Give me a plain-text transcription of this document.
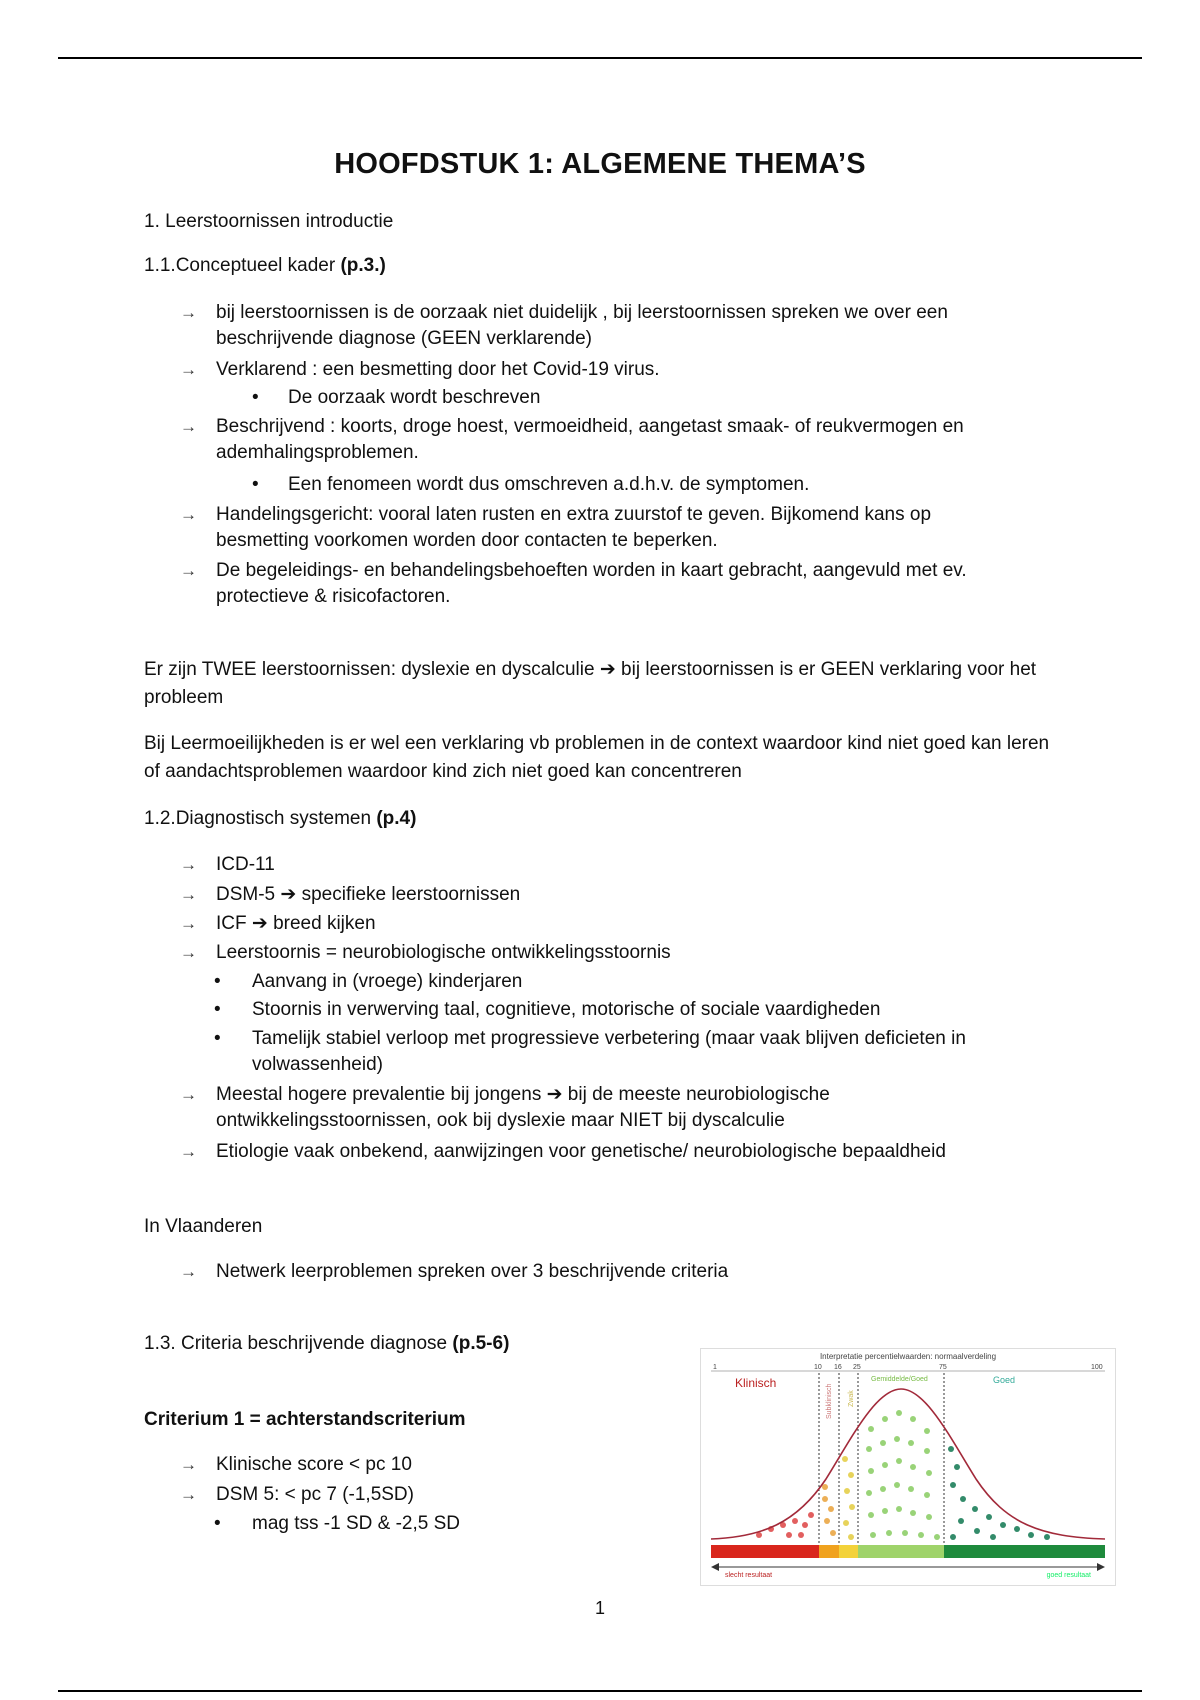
HOOFDSTUK 1: ALGEMENE THEMA’S
1. Leerstoornissen introductie
1.1.Conceptueel kader (p.3.)
→	bij leerstoornissen is de oorzaak niet duidelijk , bij leerstoornissen spreken we over een beschrijvende diagnose (GEEN verklarende)
→	Verklarend : een besmetting door het Covid-19 virus.
•	De oorzaak wordt beschreven
→	Beschrijvend : koorts, droge hoest, vermoeidheid, aangetast smaak- of reukvermogen en ademhalingsproblemen.
•	Een fenomeen wordt dus omschreven a.d.h.v. de symptomen.
→	Handelingsgericht: vooral laten rusten en extra zuurstof te geven. Bijkomend kans op besmetting voorkomen worden door contacten te beperken.
→	De begeleidings- en behandelingsbehoeften worden in kaart gebracht, aangevuld met ev. protectieve & risicofactoren.
Er zijn TWEE leerstoornissen: dyslexie en dyscalculie ➔ bij leerstoornissen is er GEEN verklaring voor het probleem
Bij Leermoeilijkheden is er wel een verklaring vb problemen in de context waardoor kind niet goed kan leren of aandachtsproblemen waardoor kind zich niet goed kan concentreren
1.2.Diagnostisch systemen (p.4)
→	ICD-11
→	DSM-5 ➔ specifieke leerstoornissen
→	ICF ➔ breed kijken
→	Leerstoornis = neurobiologische ontwikkelingsstoornis
•	Aanvang in (vroege) kinderjaren
•	Stoornis in verwerving taal, cognitieve, motorische of sociale vaardigheden
•	Tamelijk stabiel verloop met progressieve verbetering (maar vaak blijven deficieten in volwassenheid)
→	Meestal hogere prevalentie bij jongens ➔ bij de meeste neurobiologische ontwikkelingsstoornissen, ook bij dyslexie maar NIET bij dyscalculie
→	Etiologie vaak onbekend, aanwijzingen voor genetische/ neurobiologische bepaaldheid
In Vlaanderen
→	Netwerk leerproblemen spreken over 3 beschrijvende criteria
1.3. Criteria beschrijvende diagnose (p.5-6)
Criterium 1 = achterstandscriterium
→	Klinische score < pc 10
→	DSM 5: < pc 7 (-1,5SD)
•	mag tss -1 SD & -2,5 SD
Interpretatie percentielwaarden: normaalverdeling
1	10 16 25	75	100
Klinisch
Subklinisch Zwak
Gemiddelde/Goed	Goed
slecht resultaat	goed resultaat
1
